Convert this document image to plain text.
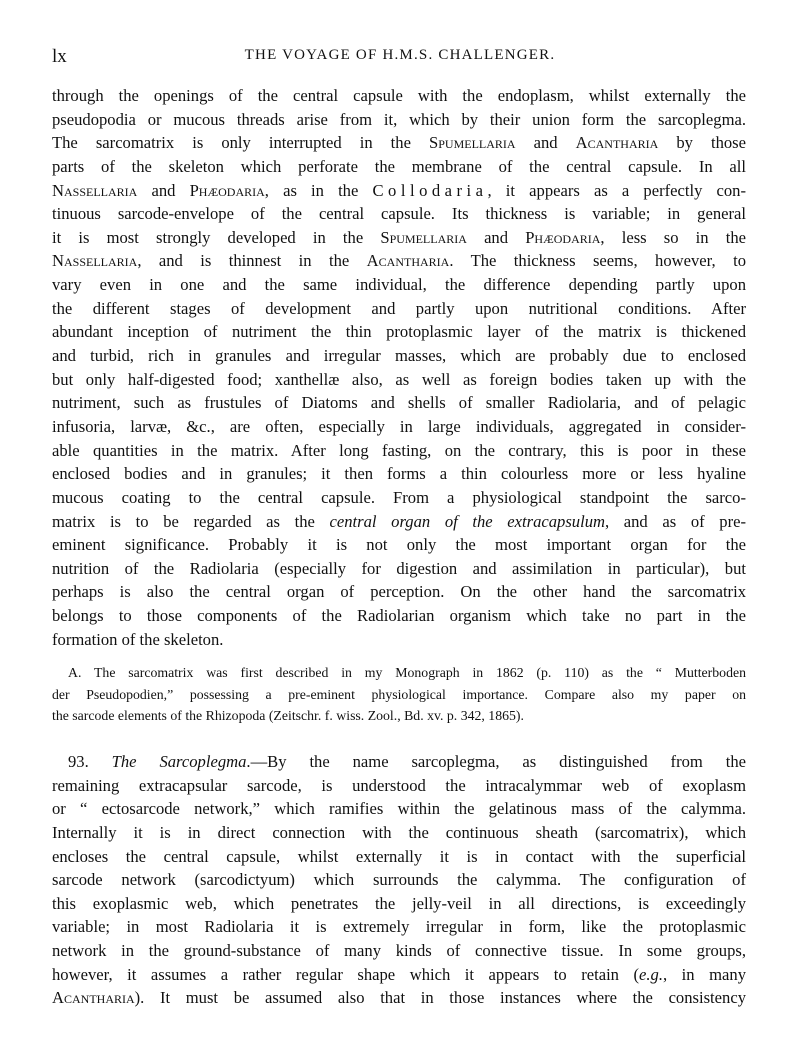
lx	THE VOYAGE OF H.M.S. CHALLENGER.
through the openings of the central capsule with the endoplasm, whilst externally the
pseudopodia or mucous threads arise from it, which by their union form the sarcoplegma.
The sarcomatrix is only interrupted in the Spumellaria and Acantharia by those
parts of the skeleton which perforate the membrane of the central capsule. In all
Nassellaria and Phæodaria, as in the Collodaria, it appears as a perfectly con-
tinuous sarcode-envelope of the central capsule. Its thickness is variable; in general
it is most strongly developed in the Spumellaria and Phæodaria, less so in the
Nassellaria, and is thinnest in the Acantharia. The thickness seems, however, to
vary even in one and the same individual, the difference depending partly upon
the different stages of development and partly upon nutritional conditions. After
abundant inception of nutriment the thin protoplasmic layer of the matrix is thickened
and turbid, rich in granules and irregular masses, which are probably due to enclosed
but only half-digested food; xanthellæ also, as well as foreign bodies taken up with the
nutriment, such as frustules of Diatoms and shells of smaller Radiolaria, and of pelagic
infusoria, larvæ, &c., are often, especially in large individuals, aggregated in consider-
able quantities in the matrix. After long fasting, on the contrary, this is poor in these
enclosed bodies and in granules; it then forms a thin colourless more or less hyaline
mucous coating to the central capsule. From a physiological standpoint the sarco-
matrix is to be regarded as the central organ of the extracapsulum, and as of pre-
eminent significance. Probably it is not only the most important organ for the
nutrition of the Radiolaria (especially for digestion and assimilation in particular), but
perhaps is also the central organ of perception. On the other hand the sarcomatrix
belongs to those components of the Radiolarian organism which take no part in the
formation of the skeleton.
A. The sarcomatrix was first described in my Monograph in 1862 (p. 110) as the “ Mutterboden
der Pseudopodien,” possessing a pre-eminent physiological importance. Compare also my paper on
the sarcode elements of the Rhizopoda (Zeitschr. f. wiss. Zool., Bd. xv. p. 342, 1865).
93. The Sarcoplegma.—By the name sarcoplegma, as distinguished from the
remaining extracapsular sarcode, is understood the intracalymmar web of exoplasm
or “ ectosarcode network,” which ramifies within the gelatinous mass of the calymma.
Internally it is in direct connection with the continuous sheath (sarcomatrix), which
encloses the central capsule, whilst externally it is in contact with the superficial
sarcode network (sarcodictyum) which surrounds the calymma. The configuration of
this exoplasmic web, which penetrates the jelly-veil in all directions, is exceedingly
variable; in most Radiolaria it is extremely irregular in form, like the protoplasmic
network in the ground-substance of many kinds of connective tissue. In some groups,
however, it assumes a rather regular shape which it appears to retain (e.g., in many
Acantharia). It must be assumed also that in those instances where the consistency
